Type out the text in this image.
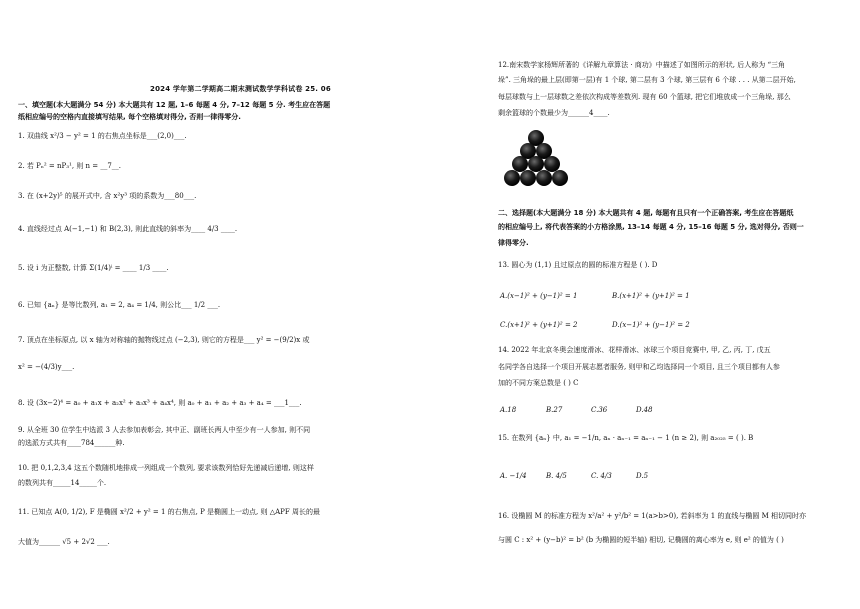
2024 学年第二学期高二期末测试数学学科试卷 25. 06
一、填空题(本大题满分 54 分) 本大题共有 12 题, 1–6 每题 4 分, 7–12 每题 5 分. 考生应在答题
纸相应编号的空格内直接填写结果, 每个空格填对得分, 否则一律得零分.
1. 双曲线 x²/3 − y² = 1 的右焦点坐标是___(2,0)___.
2. 若 Pₙ² = nP₃¹, 则 n = __7__.
3. 在 (x+2y)⁵ 的展开式中, 含 x²y³ 项的系数为___80___.
4. 直线经过点 A(−1,−1) 和 B(2,3), 则此直线的斜率为____ 4/3 ____.
5. 设 i 为正整数, 计算 Σ(1/4)ⁱ = ____ 1/3 ____.
6. 已知 {aₙ} 是等比数列, a₁ = 2, a₄ = 1/4, 则公比___ 1/2 ___.
7. 顶点在坐标原点, 以 x 轴为对称轴的抛物线过点 (−2,3), 则它的方程是___ y² = −(9/2)x 或
x² = −(4/3)y___.
8. 设 (3x−2)⁴ = a₀ + a₁x + a₂x² + a₃x³ + a₄x⁴, 则 a₀ + a₁ + a₂ + a₃ + a₄ = ___1___.
9. 从全班 30 位学生中选派 3 人去参加表彰会, 其中正、副班长两人中至少有一人参加, 则不同
的选派方式共有____784______种.
10. 把 0,1,2,3,4 这五个数随机地排成一列组成一个数列, 要求该数列恰好先递减后递增, 则这样
的数列共有_____14_____个.
11. 已知点 A(0, 1/2), F 是椭圆 x²/2 + y² = 1 的右焦点, P 是椭圆上一动点, 则 △APF 周长的最
大值为______ √5 + 2√2 ___.
12.南宋数学家杨辉所著的《详解九章算法 · 商功》中描述了如图所示的形状, 后人称为 “三角
垛”. 三角垛的最上层(即第一层)有 1 个球, 第二层有 3 个球, 第三层有 6 个球 . . . 从第二层开始,
每层球数与上一层球数之差依次构成等差数列. 现有 60 个篮球, 把它们堆放成一个三角垛, 那么
剩余篮球的个数最少为______4____.
二、选择题(本大题满分 18 分) 本大题共有 4 题, 每题有且只有一个正确答案, 考生应在答题纸
的相应编号上, 将代表答案的小方格涂黑, 13–14 每题 4 分, 15–16 每题 5 分, 选对得分, 否则一
律得零分.
13. 圆心为 (1,1) 且过原点的圆的标准方程是 ( ). D
A.(x−1)² + (y−1)² = 1	B.(x+1)² + (y+1)² = 1
C.(x+1)² + (y+1)² = 2	D.(x−1)² + (y−1)² = 2
14. 2022 年北京冬奥会速度滑冰、花样滑冰、冰球三个项目竞赛中, 甲, 乙, 丙, 丁, 戊五
名同学各自选择一个项目开展志愿者服务, 则甲和乙均选择同一个项目, 且三个项目都有人参
加的不同方案总数是 ( ) C
A.18	B.27	C.36	D.48
15. 在数列 {aₙ} 中, a₁ = −1/n, aₙ · aₙ₋₁ = aₙ₋₁ − 1 (n ≥ 2), 则 a₂₀₂₅ = ( ). B
A. −1/4	B. 4/5	C. 4/3	D.5
16. 设椭圆 M 的标准方程为 x²/a² + y²/b² = 1(a>b>0), 若斜率为 1 的直线与椭圆 M 相切同时亦
与圆 C : x² + (y−b)² = b² (b 为椭圆的短半轴) 相切, 记椭圆的离心率为 e, 则 e² 的值为 ( )
